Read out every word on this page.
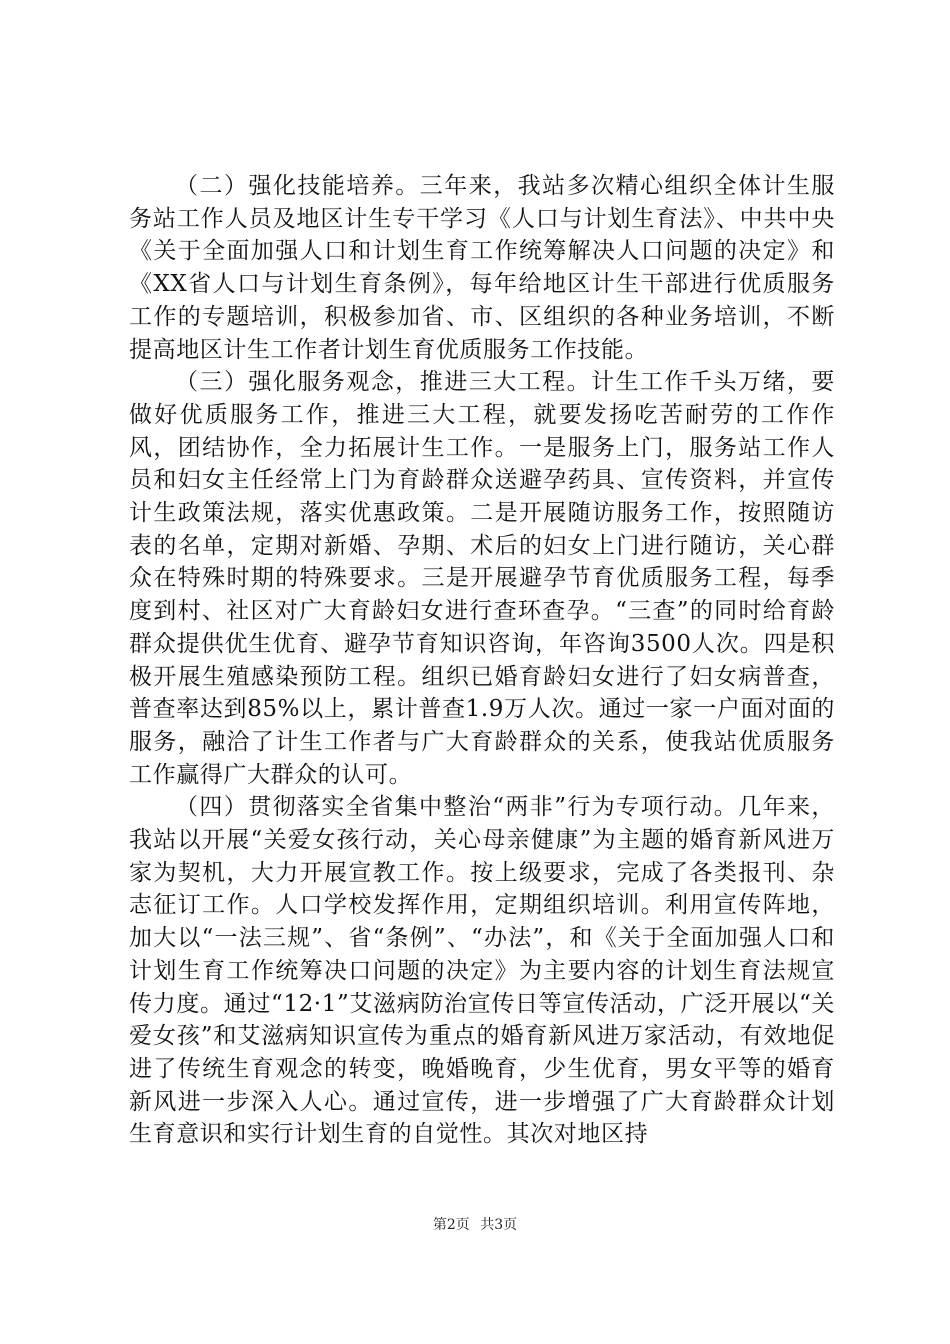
（二）强化技能培养。三年来，我站多次精心组织全体计生服务站工作人员及地区计生专干学习《人口与计划生育法》、中共中央《关于全面加强人口和计划生育工作统筹解决人口问题的决定》和《XX省人口与计划生育条例》，每年给地区计生干部进行优质服务工作的专题培训，积极参加省、市、区组织的各种业务培训，不断提高地区计生工作者计划生育优质服务工作技能。

（三）强化服务观念，推进三大工程。计生工作千头万绪，要做好优质服务工作，推进三大工程，就要发扬吃苦耐劳的工作作风，团结协作，全力拓展计生工作。一是服务上门，服务站工作人员和妇女主任经常上门为育龄群众送避孕药具、宣传资料，并宣传计生政策法规，落实优惠政策。二是开展随访服务工作，按照随访表的名单，定期对新婚、孕期、术后的妇女上门进行随访，关心群众在特殊时期的特殊要求。三是开展避孕节育优质服务工程，每季度到村、社区对广大育龄妇女进行查环查孕。“三查”的同时给育龄群众提供优生优育、避孕节育知识咨询，年咨询3500人次。四是积极开展生殖感染预防工程。组织已婚育龄妇女进行了妇女病普查，普查率达到85%以上，累计普查1.9万人次。通过一家一户面对面的服务，融洽了计生工作者与广大育龄群众的关系，使我站优质服务工作赢得广大群众的认可。

（四）贯彻落实全省集中整治“两非”行为专项行动。几年来，我站以开展“关爱女孩行动，关心母亲健康”为主题的婚育新风进万家为契机，大力开展宣教工作。按上级要求，完成了各类报刊、杂志征订工作。人口学校发挥作用，定期组织培训。利用宣传阵地，加大以“一法三规”、省“条例”、“办法”，和《关于全面加强人口和计划生育工作统筹决口问题的决定》为主要内容的计划生育法规宣传力度。通过“12·1”艾滋病防治宣传日等宣传活动，广泛开展以“关爱女孩”和艾滋病知识宣传为重点的婚育新风进万家活动，有效地促进了传统生育观念的转变，晚婚晚育，少生优育，男女平等的婚育新风进一步深入人心。通过宣传，进一步增强了广大育龄群众计划生育意识和实行计划生育的自觉性。其次对地区持

第2页 共3页
